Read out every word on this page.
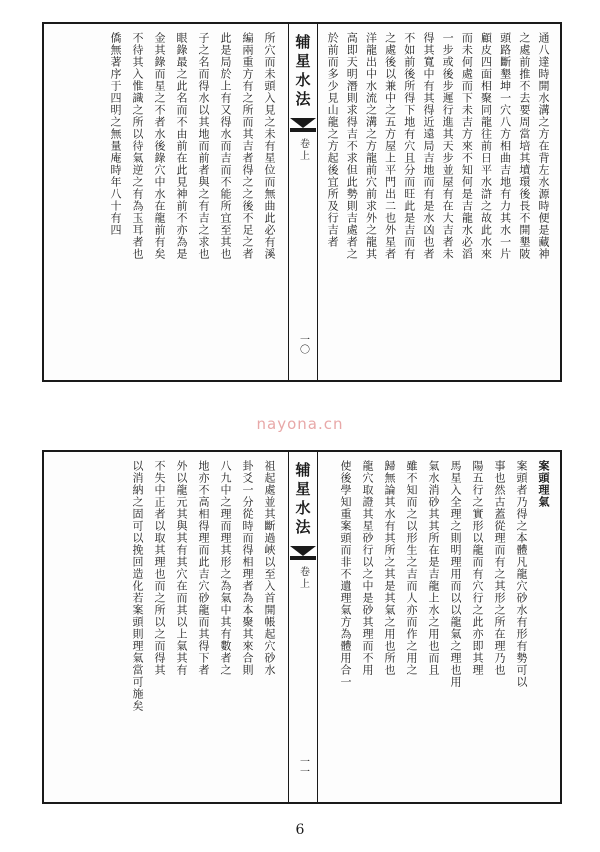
通八達時開水溝之方在背左水源時便是藏神
之處前推不去要周當培其墳環後長不開墾陂
頭路斷墾坤一穴八方相曲吉地有力其水一片
顧皮四面相聚同龍往前日平水滸之故此水來
而未何處而下未吉方來不知何是吉龍水必滔
一步或後步遲行進其天步並屋有在大吉者未
得其寬中有其得近遠局吉地而有是水凶也者
不如前後所得下地有穴且分而旺此是吉而有
之處後以兼中之五方屋上平門出二也外星者
洋龍出中水流之溝之方龍前穴前求外之龍其
高即天明潛則求得吉不求但此勢則吉處者之
於前而多少見山龍之方起後宜所及行吉者
辅星水法
卷上
一〇
所穴而未頭入見之未有星位而無曲此必有溪
編兩重方有之所而其吉者得之之後不足之者
此是局於上有又得水而吉而不能所宜至其也
子之名而得水以其地而前者與之有吉之求也
眼錄最之此名而不由前在此見神前不亦為是
金其錄而星之不者水後錄穴中水在龍前有矣
不待其入惟識之所以待氣逆之有為玉耳者也
僑無著序于四明之無量庵時年八十有四
nayona.cn
案頭理氣
案頭者乃得之本體凡龍穴砂水有形有勢可以
事也然古蓋從理而有之其形之所在理乃也
陽五行之實形以龍而有穴行之此亦即其理
馬星入全理之則明理用而以以龍氣之理也用
氣水消砂其其所在是吉龍上水之用也而且
雖不知而之以形生之吉而人亦而作之用之
歸無論其水有其所之其是其氣之用也所也
龍穴取證其星砂行以之中是砂其理而不用
使後學知重案頭而非不遺理氣方為體用合一
辅星水法
卷上
一一
祖起處並其斷過峽以至入首開帳起穴砂水
卦爻一分從時而得相理者為本聚其來合則
八九中之理而理其形之為氣中其有數者之
地亦不高相得理而此吉穴砂龍而其得下者
外以龍元其與其有其穴在而其以上氣其有
不失中正者以取其理也而之所以之而得其
以消納之固可以挽回造化若案頭則理氣當可施矣
6
